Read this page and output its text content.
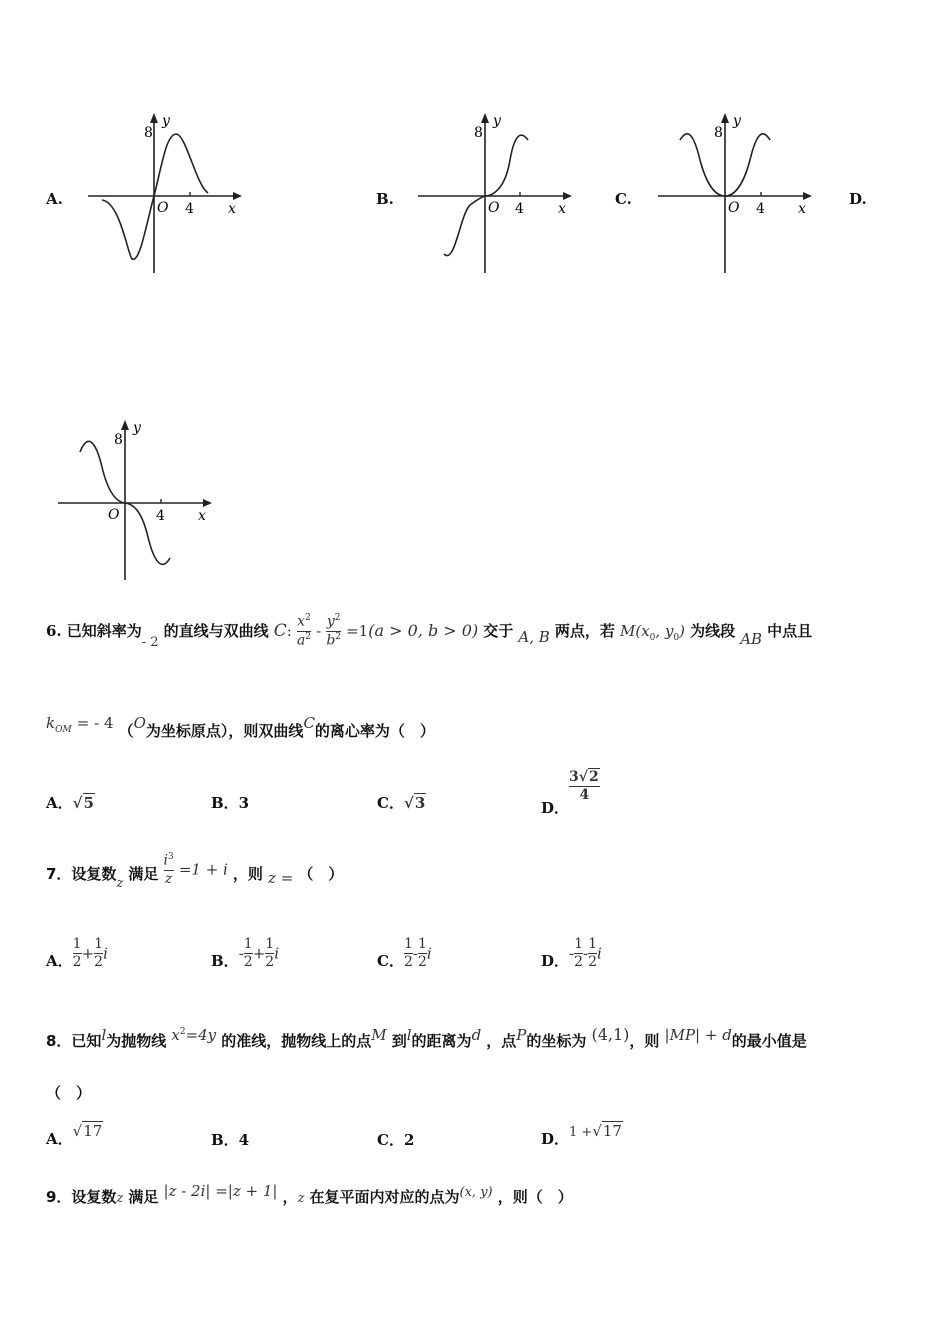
A.
8
y
O 4 x
B.
8
y
O 4 x
C.
8
y
O 4 x
D.
8
y
O	4 x
6. 已知斜率为$_{- 2}$ 的直线与双曲线 C: $\frac{x^2}{a^2} - \frac{y^2}{b^2} =1(a > 0$, b > 0) 交于 A, B 两点，若 $M(x_0$, $y_0$) 为线段 AB 中点且
$k_{OM}$ = - 4 （O为坐标原点），则双曲线C的离心率为（　）
A．√5	B．3	C．√3	D．
$\frac{3√2}{4}$
7．设复数$_z$ 满足 $\frac{i^3}{z} =1 + i$ ，则 z = （　）
A． $\frac{1}{2} + \frac{1}{2}$ i	B．- $\frac{1}{2} + \frac{1}{2}$ i	C． $\frac{1}{2} - \frac{1}{2}$ i	D．- $\frac{1}{2} - \frac{1}{2}$ i
8．已知l为抛物线 $x^2=4y$ 的准线，抛物线上的点M 到l的距离为d ，点P的坐标为 (4,1)，则 |MP| + d的最小值是
（　）
A．√17	B．4	C．2	D．1 +√17
9．设复数$_z$ 满足 |z - 2i| =|z + 1| ，$_z$ 在复平面内对应的点为(x, y) ，则（　）
